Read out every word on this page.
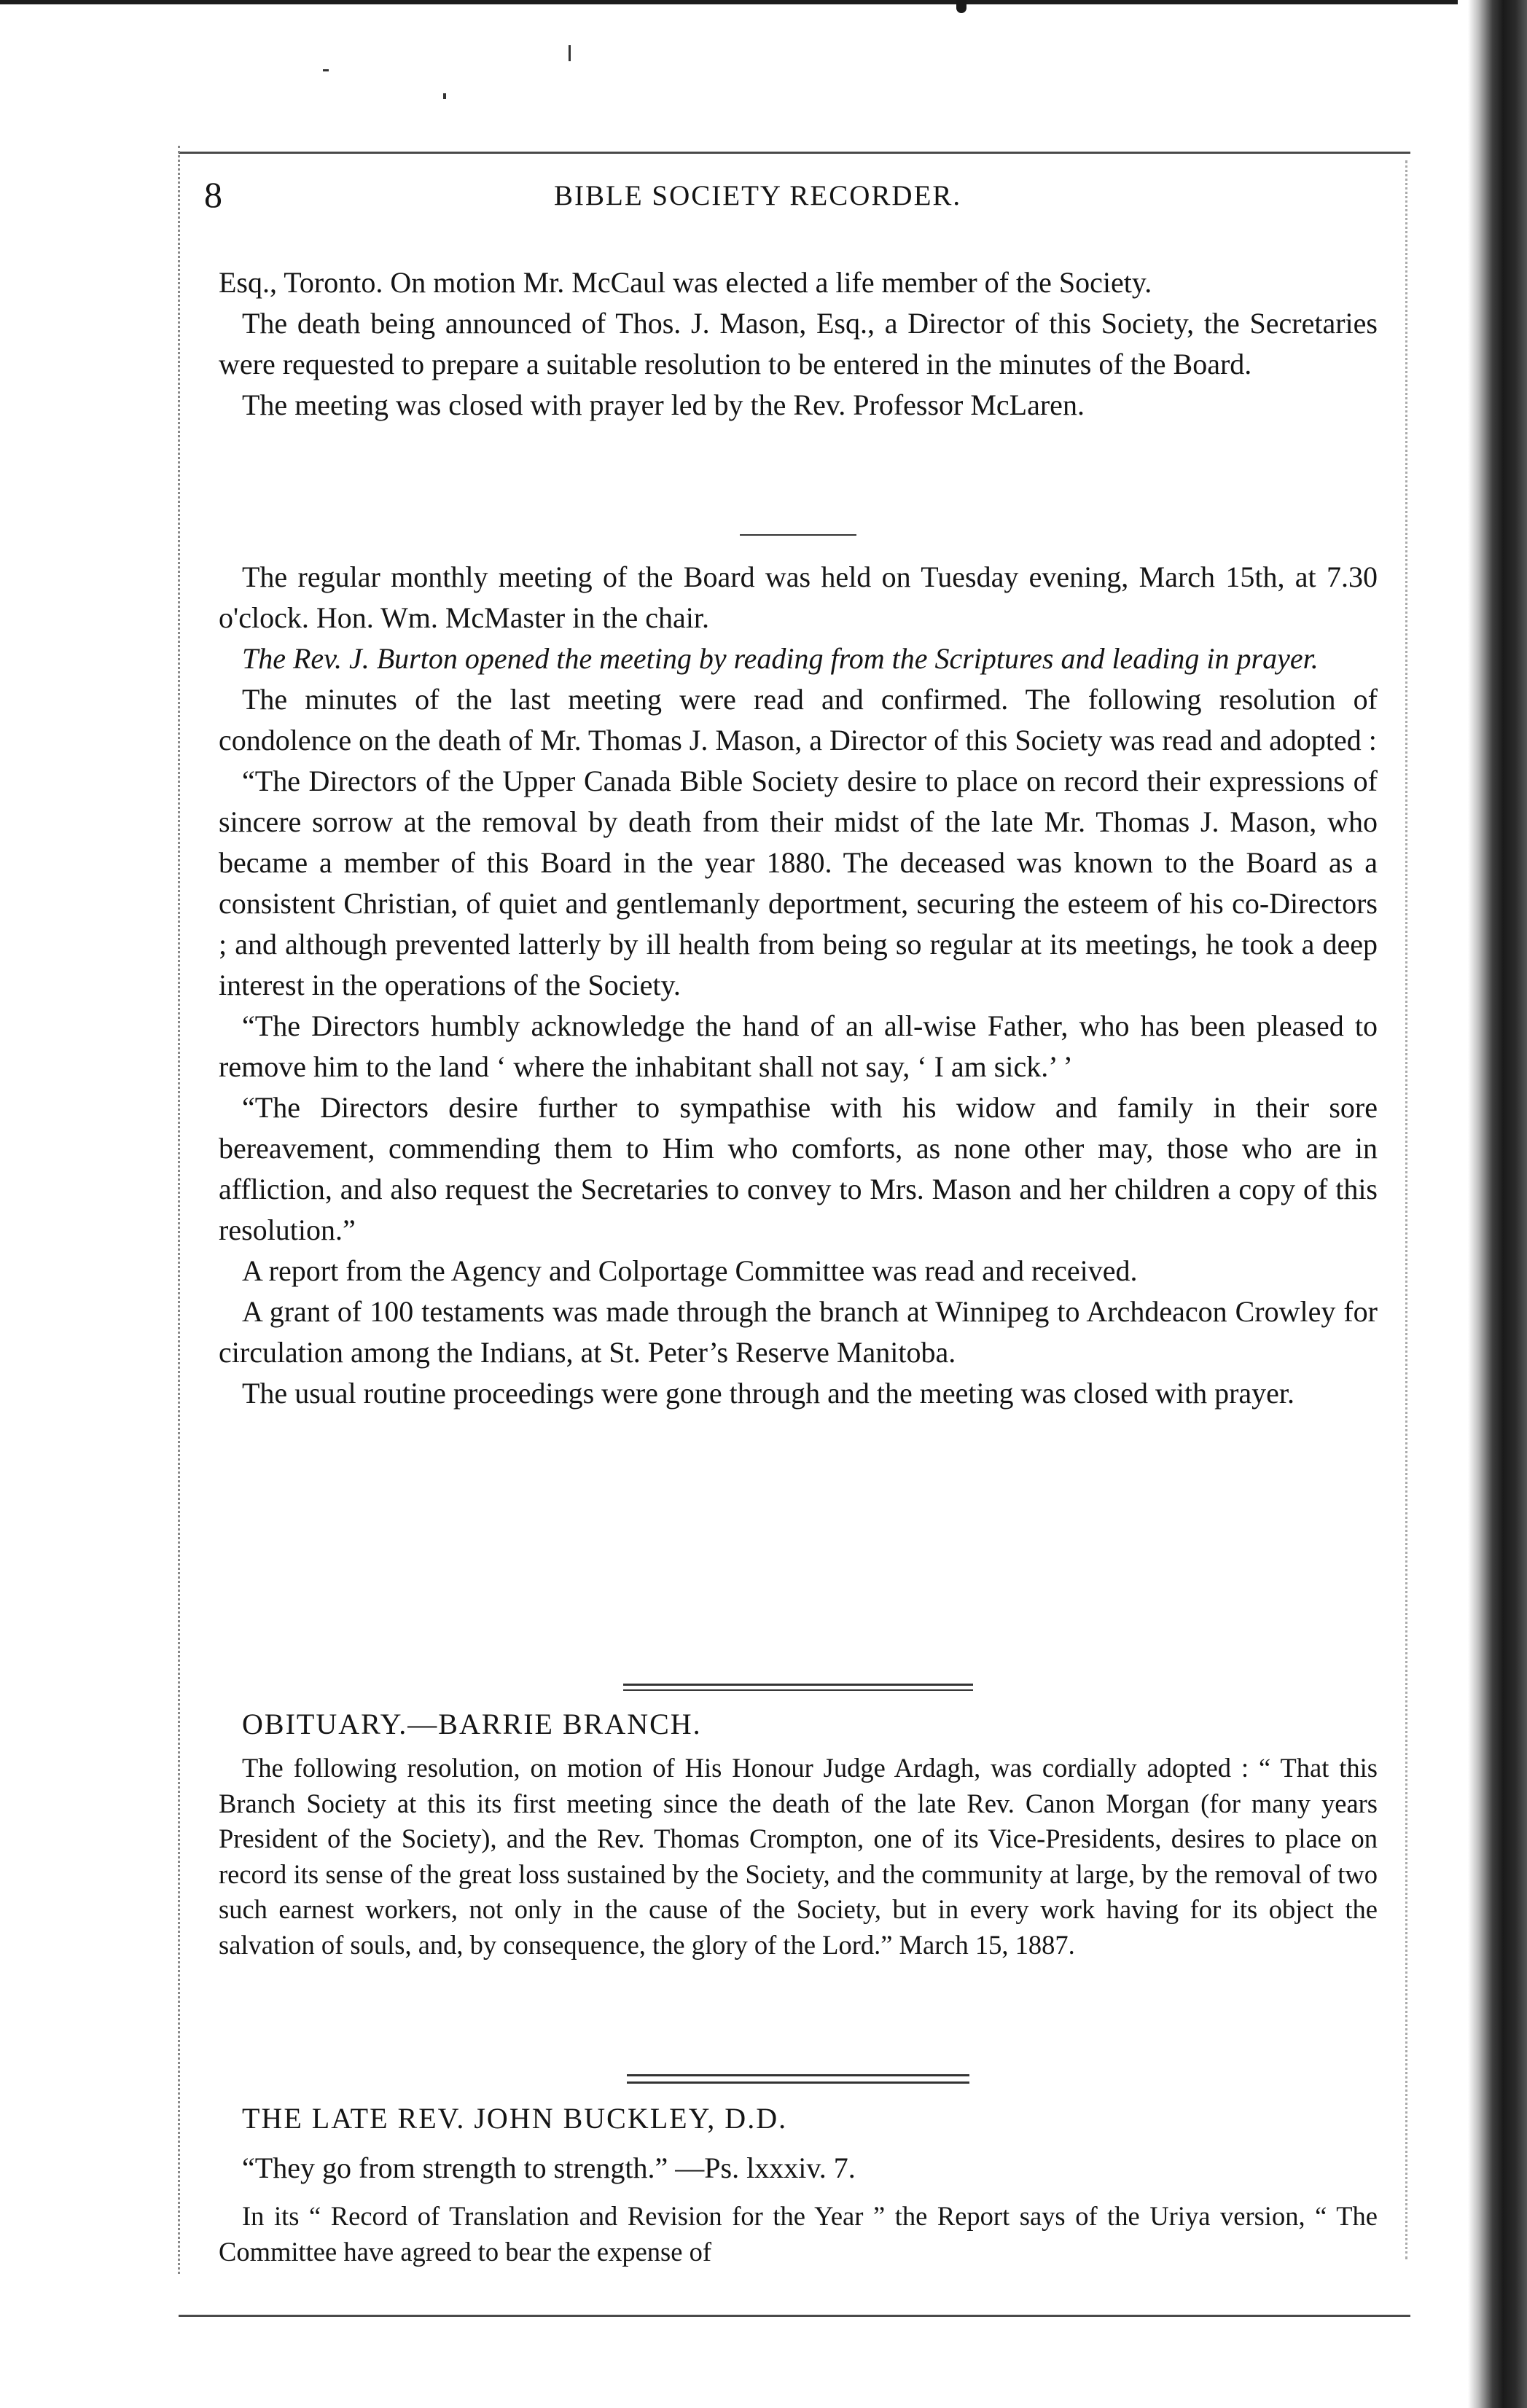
8	BIBLE SOCIETY RECORDER.

Esq., Toronto. On motion Mr. McCaul was elected a life member of the Society.

The death being announced of Thos. J. Mason, Esq., a Director of this Society, the Secretaries were requested to prepare a suitable resolution to be entered in the minutes of the Board.

The meeting was closed with prayer led by the Rev. Professor McLaren.

The regular monthly meeting of the Board was held on Tuesday evening, March 15th, at 7.30 o'clock. Hon. Wm. McMaster in the chair.

The Rev. J. Burton opened the meeting by reading from the Scriptures and leading in prayer.

The minutes of the last meeting were read and confirmed. The following resolution of condolence on the death of Mr. Thomas J. Mason, a Director of this Society was read and adopted :

“The Directors of the Upper Canada Bible Society desire to place on record their expressions of sincere sorrow at the removal by death from their midst of the late Mr. Thomas J. Mason, who became a member of this Board in the year 1880. The deceased was known to the Board as a consistent Christian, of quiet and gentlemanly deportment, securing the esteem of his co-Directors ; and although prevented latterly by ill health from being so regular at its meetings, he took a deep interest in the operations of the Society.

“The Directors humbly acknowledge the hand of an all-wise Father, who has been pleased to remove him to the land ‘ where the inhabitant shall not say, ‘ I am sick.’ ’

“The Directors desire further to sympathise with his widow and family in their sore bereavement, commending them to Him who comforts, as none other may, those who are in affliction, and also request the Secretaries to convey to Mrs. Mason and her children a copy of this resolution.”

A report from the Agency and Colportage Committee was read and received.

A grant of 100 testaments was made through the branch at Winnipeg to Archdeacon Crowley for circulation among the Indians, at St. Peter’s Reserve Manitoba.

The usual routine proceedings were gone through and the meeting was closed with prayer.

OBITUARY.—BARRIE BRANCH.

The following resolution, on motion of His Honour Judge Ardagh, was cordially adopted : “ That this Branch Society at this its first meeting since the death of the late Rev. Canon Morgan (for many years President of the Society), and the Rev. Thomas Crompton, one of its Vice-Presidents, desires to place on record its sense of the great loss sustained by the Society, and the community at large, by the removal of two such earnest workers, not only in the cause of the Society, but in every work having for its object the salvation of souls, and, by consequence, the glory of the Lord.” March 15, 1887.

THE LATE REV. JOHN BUCKLEY, D.D.

“They go from strength to strength.” —Ps. lxxxiv. 7.

In its “ Record of Translation and Revision for the Year ” the Report says of the Uriya version, “ The Committee have agreed to bear the expense of
